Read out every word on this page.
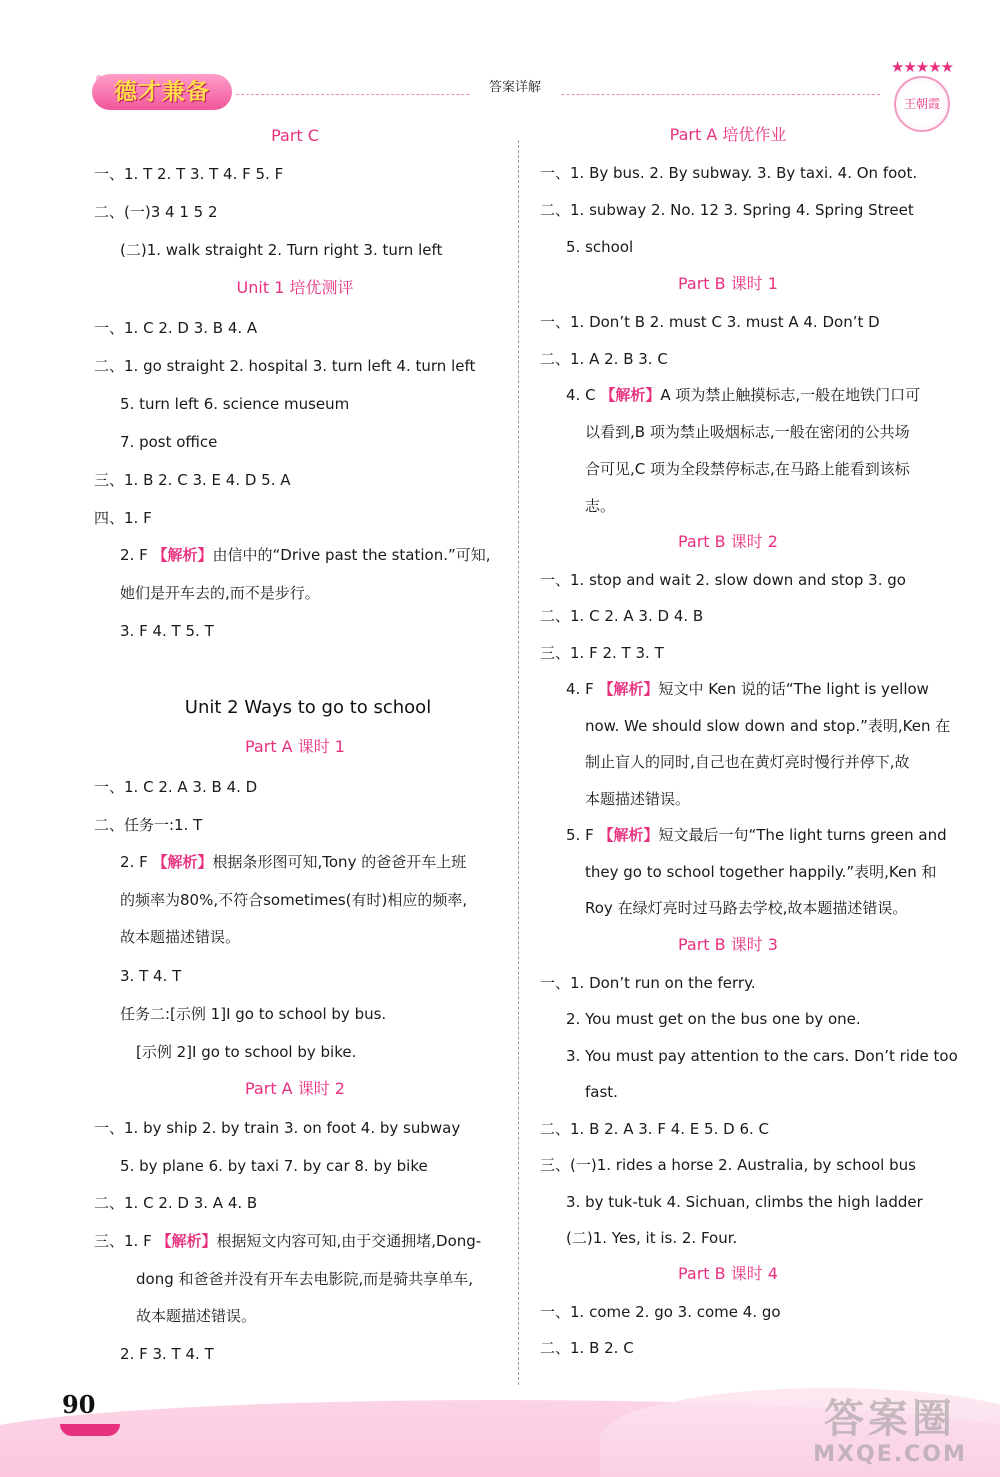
德才兼备	答案详解
★★★★★
王朝霞
Part C
一、1. T 2. T 3. T 4. F 5. F
二、(一)3 4 1 5 2
(二)1. walk straight 2. Turn right 3. turn left
Unit 1 培优测评
一、1. C 2. D 3. B 4. A
二、1. go straight 2. hospital 3. turn left 4. turn left
5. turn left 6. science museum
7. post office
三、1. B 2. C 3. E 4. D 5. A
四、1. F
2. F 【解析】由信中的“Drive past the station.”可知,
她们是开车去的,而不是步行。
3. F 4. T 5. T
Unit 2 Ways to go to school
Part A 课时 1
一、1. C 2. A 3. B 4. D
二、任务一:1. T
2. F 【解析】根据条形图可知,Tony 的爸爸开车上班
的频率为80%,不符合sometimes(有时)相应的频率,
故本题描述错误。
3. T 4. T
任务二:[示例 1]I go to school by bus.
[示例 2]I go to school by bike.
Part A 课时 2
一、1. by ship 2. by train 3. on foot 4. by subway
5. by plane 6. by taxi 7. by car 8. by bike
二、1. C 2. D 3. A 4. B
三、1. F 【解析】根据短文内容可知,由于交通拥堵,Dong-
dong 和爸爸并没有开车去电影院,而是骑共享单车,
故本题描述错误。
2. F 3. T 4. T
Part A 培优作业
一、1. By bus. 2. By subway. 3. By taxi. 4. On foot.
二、1. subway 2. No. 12 3. Spring 4. Spring Street
5. school
Part B 课时 1
一、1. Don’t B 2. must C 3. must A 4. Don’t D
二、1. A 2. B 3. C
4. C 【解析】A 项为禁止触摸标志,一般在地铁门口可
以看到,B 项为禁止吸烟标志,一般在密闭的公共场
合可见,C 项为全段禁停标志,在马路上能看到该标
志。
Part B 课时 2
一、1. stop and wait 2. slow down and stop 3. go
二、1. C 2. A 3. D 4. B
三、1. F 2. T 3. T
4. F 【解析】短文中 Ken 说的话“The light is yellow
now. We should slow down and stop.”表明,Ken 在
制止盲人的同时,自己也在黄灯亮时慢行并停下,故
本题描述错误。
5. F 【解析】短文最后一句“The light turns green and
they go to school together happily.”表明,Ken 和
Roy 在绿灯亮时过马路去学校,故本题描述错误。
Part B 课时 3
一、1. Don’t run on the ferry.
2. You must get on the bus one by one.
3. You must pay attention to the cars. Don’t ride too
fast.
二、1. B 2. A 3. F 4. E 5. D 6. C
三、(一)1. rides a horse 2. Australia, by school bus
3. by tuk-tuk 4. Sichuan, climbs the high ladder
(二)1. Yes, it is. 2. Four.
Part B 课时 4
一、1. come 2. go 3. come 4. go
二、1. B 2. C
90	答案圈
MXQE.COM
